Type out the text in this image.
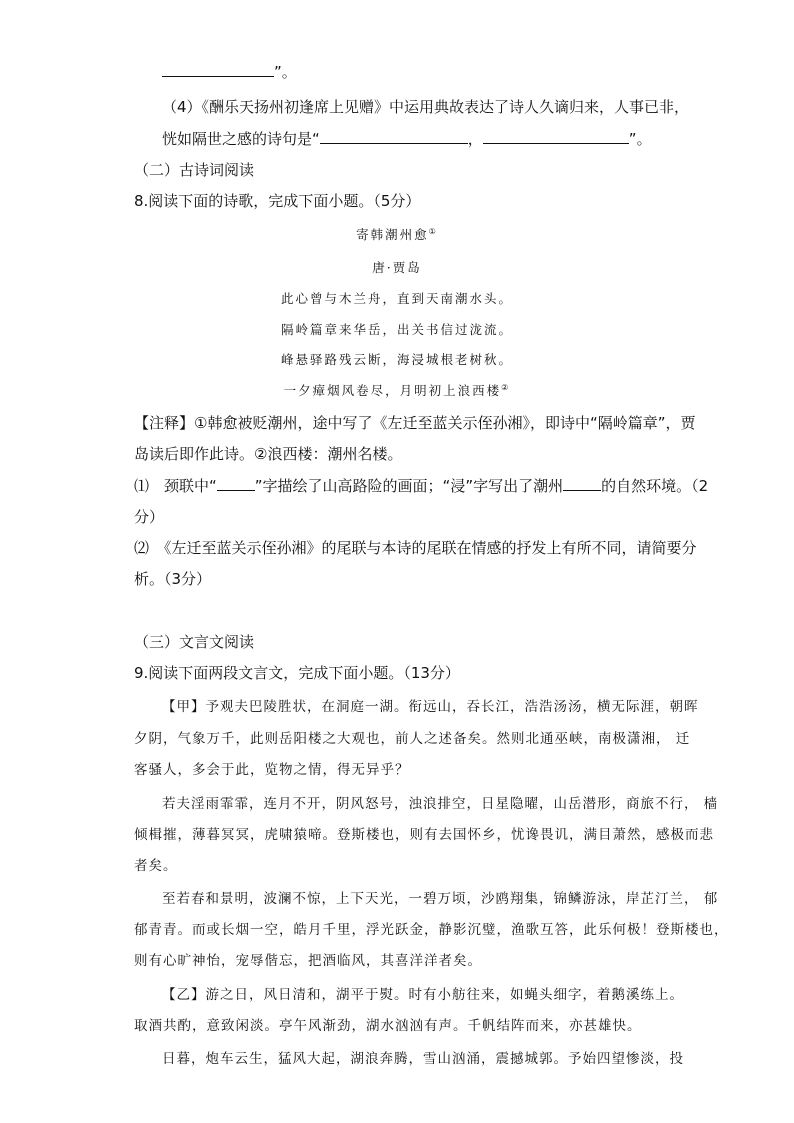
”。
（4）《酬乐天扬州初逢席上见赠》中运用典故表达了诗人久谪归来，人事已非，
恍如隔世之感的诗句是“	，	”。
（二）古诗词阅读
8.阅读下面的诗歌，完成下面小题。（5分）
寄韩潮州愈①
唐·贾岛
此心曾与木兰舟，直到天南潮水头。
隔岭篇章来华岳，出关书信过泷流。
峰悬驿路残云断，海浸城根老树秋。
一夕瘴烟风卷尽，月明初上浪西楼②
【注释】①韩愈被贬潮州，途中写了《左迁至蓝关示侄孙湘》，即诗中“隔岭篇章”，贾
岛读后即作此诗。②浪西楼：潮州名楼。
⑴　颈联中“	”字描绘了山高路险的画面；“浸”字写出了潮州	的自然环境。（2
分）
⑵　《左迁至蓝关示侄孙湘》的尾联与本诗的尾联在情感的抒发上有所不同，请简要分
析。（3分）
（三）文言文阅读
9.阅读下面两段文言文，完成下面小题。（13分）
【甲】予观夫巴陵胜状，在洞庭一湖。衔远山，吞长江，浩浩汤汤，横无际涯，朝晖
夕阴，气象万千，此则岳阳楼之大观也，前人之述备矣。然则北通巫峡，南极潇湘， 迁
客骚人，多会于此，览物之情，得无异乎？
若夫淫雨霏霏，连月不开，阴风怒号，浊浪排空，日星隐曜，山岳潜形，商旅不行， 樯
倾楫摧，薄暮冥冥，虎啸猿啼。登斯楼也，则有去国怀乡，忧谗畏讥，满目萧然，感极而悲
者矣。
至若春和景明，波澜不惊，上下天光，一碧万顷，沙鸥翔集，锦鳞游泳，岸芷汀兰， 郁
郁青青。而或长烟一空，皓月千里，浮光跃金，静影沉璧，渔歌互答，此乐何极！登斯楼也，
则有心旷神怡，宠辱偕忘，把酒临风，其喜洋洋者矣。
【乙】游之日，风日清和，湖平于熨。时有小舫往来，如蝇头细字，着鹅溪练上。
取酒共酌，意致闲淡。亭午风渐劲，湖水汹汹有声。千帆结阵而来，亦甚雄快。
日暮，炮车云生，猛风大起，湖浪奔腾，雪山汹涌，震撼城郭。予始四望惨淡，投
